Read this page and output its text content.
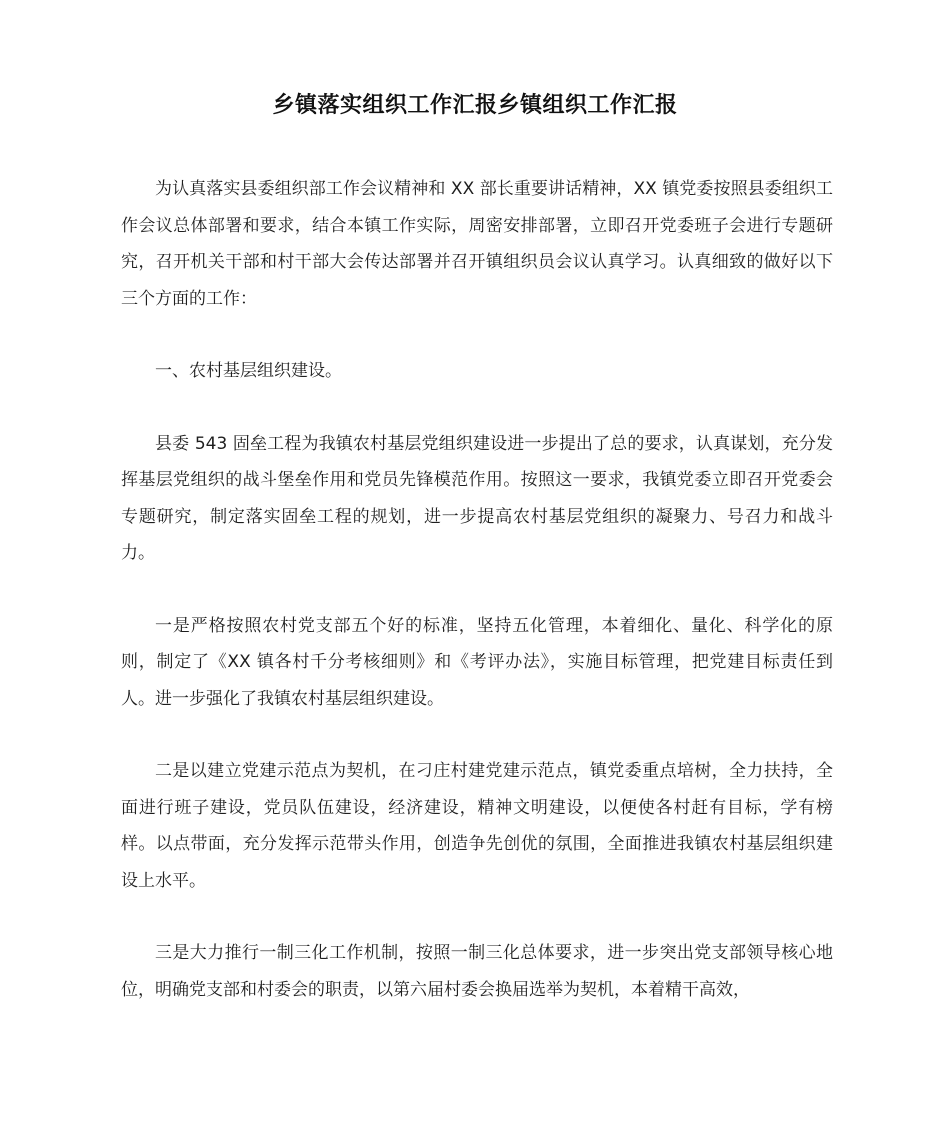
乡镇落实组织工作汇报乡镇组织工作汇报

为认真落实县委组织部工作会议精神和 XX 部长重要讲话精神，XX 镇党委按照县委组织工作会议总体部署和要求，结合本镇工作实际，周密安排部署，立即召开党委班子会进行专题研究，召开机关干部和村干部大会传达部署并召开镇组织员会议认真学习。认真细致的做好以下三个方面的工作：

一、农村基层组织建设。

县委 543 固垒工程为我镇农村基层党组织建设进一步提出了总的要求，认真谋划，充分发挥基层党组织的战斗堡垒作用和党员先锋模范作用。按照这一要求，我镇党委立即召开党委会专题研究，制定落实固垒工程的规划，进一步提高农村基层党组织的凝聚力、号召力和战斗力。

一是严格按照农村党支部五个好的标准，坚持五化管理，本着细化、量化、科学化的原则，制定了《XX 镇各村千分考核细则》和《考评办法》，实施目标管理，把党建目标责任到人。进一步强化了我镇农村基层组织建设。

二是以建立党建示范点为契机，在刁庄村建党建示范点，镇党委重点培树，全力扶持，全面进行班子建设，党员队伍建设，经济建设，精神文明建设，以便使各村赶有目标，学有榜样。以点带面，充分发挥示范带头作用，创造争先创优的氛围，全面推进我镇农村基层组织建设上水平。

三是大力推行一制三化工作机制，按照一制三化总体要求，进一步突出党支部领导核心地位，明确党支部和村委会的职责，以第六届村委会换届选举为契机，本着精干高效，
